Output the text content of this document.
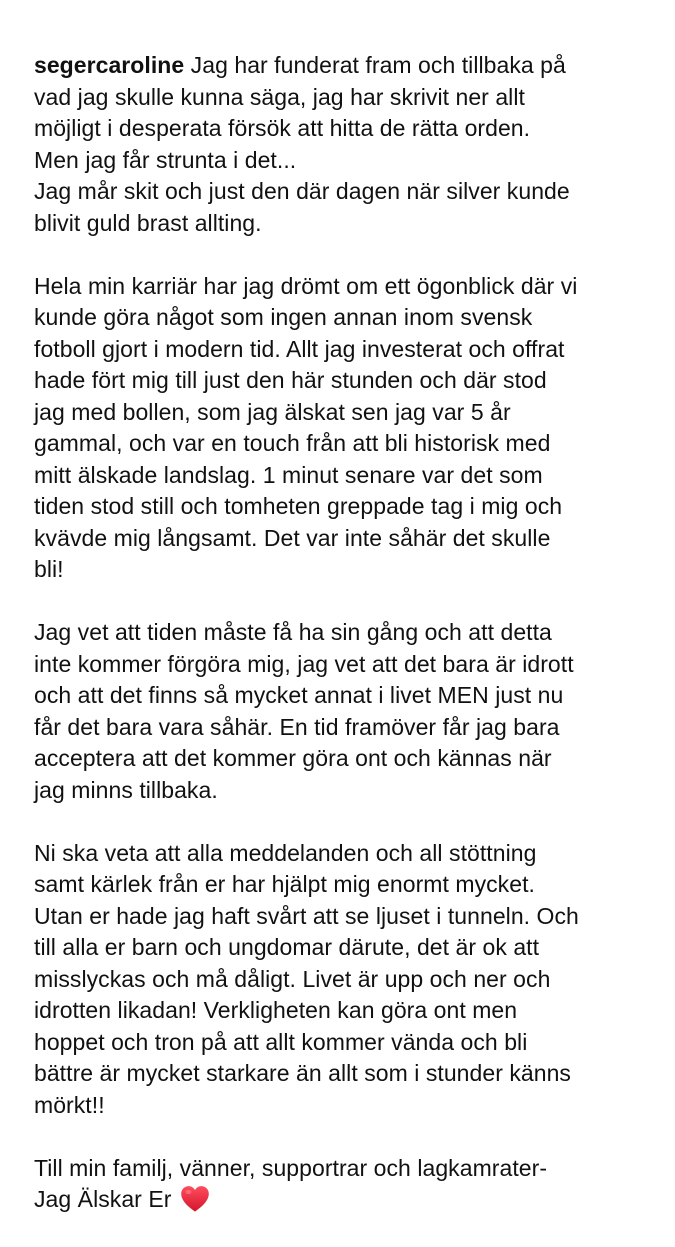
segercaroline Jag har funderat fram och tillbaka på
vad jag skulle kunna säga, jag har skrivit ner allt
möjligt i desperata försök att hitta de rätta orden.
Men jag får strunta i det...
Jag mår skit och just den där dagen när silver kunde
blivit guld brast allting.
Hela min karriär har jag drömt om ett ögonblick där vi
kunde göra något som ingen annan inom svensk
fotboll gjort i modern tid. Allt jag investerat och offrat
hade fört mig till just den här stunden och där stod
jag med bollen, som jag älskat sen jag var 5 år
gammal, och var en touch från att bli historisk med
mitt älskade landslag. 1 minut senare var det som
tiden stod still och tomheten greppade tag i mig och
kvävde mig långsamt. Det var inte såhär det skulle
bli!
Jag vet att tiden måste få ha sin gång och att detta
inte kommer förgöra mig, jag vet att det bara är idrott
och att det finns så mycket annat i livet MEN just nu
får det bara vara såhär. En tid framöver får jag bara
acceptera att det kommer göra ont och kännas när
jag minns tillbaka.
Ni ska veta att alla meddelanden och all stöttning
samt kärlek från er har hjälpt mig enormt mycket.
Utan er hade jag haft svårt att se ljuset i tunneln. Och
till alla er barn och ungdomar därute, det är ok att
misslyckas och må dåligt. Livet är upp och ner och
idrotten likadan! Verkligheten kan göra ont men
hoppet och tron på att allt kommer vända och bli
bättre är mycket starkare än allt som i stunder känns
mörkt!!
Till min familj, vänner, supportrar och lagkamrater-
Jag Älskar Er
